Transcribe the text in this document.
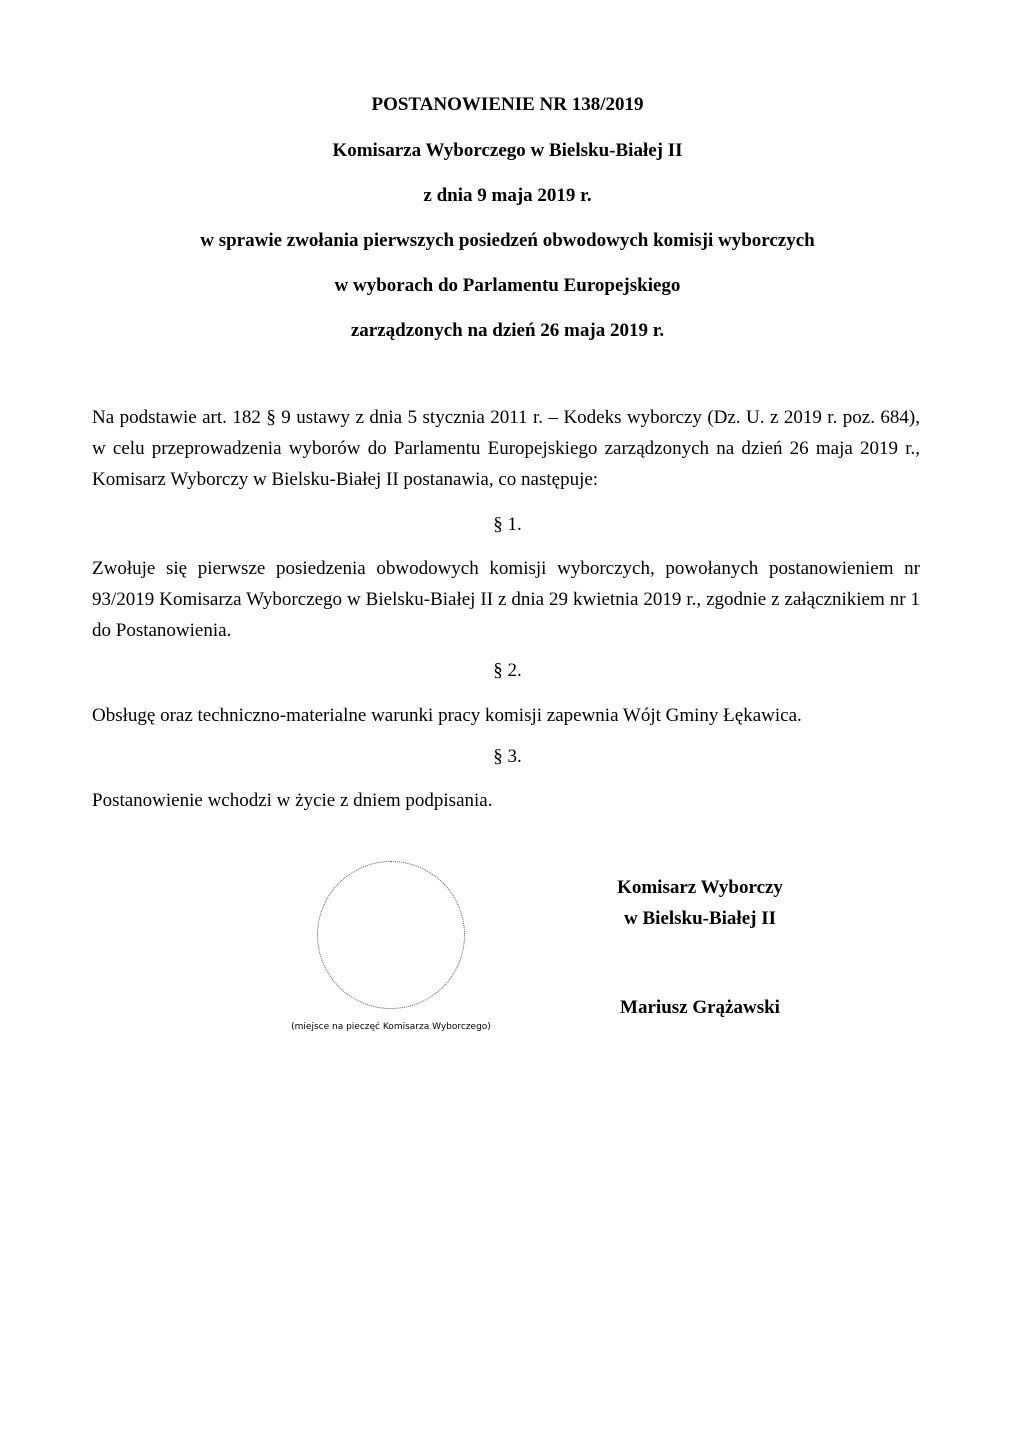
POSTANOWIENIE NR 138/2019
Komisarza Wyborczego w Bielsku-Białej II
z dnia 9 maja 2019 r.
w sprawie zwołania pierwszych posiedzeń obwodowych komisji wyborczych
w wyborach do Parlamentu Europejskiego
zarządzonych na dzień 26 maja 2019 r.
Na podstawie art. 182 § 9 ustawy z dnia 5 stycznia 2011 r. – Kodeks wyborczy (Dz. U. z 2019 r. poz. 684), w celu przeprowadzenia wyborów do Parlamentu Europejskiego zarządzonych na dzień 26 maja 2019 r., Komisarz Wyborczy w Bielsku-Białej II postanawia, co następuje:
§ 1.
Zwołuje się pierwsze posiedzenia obwodowych komisji wyborczych, powołanych postanowieniem nr 93/2019 Komisarza Wyborczego w Bielsku-Białej II z dnia 29 kwietnia 2019 r., zgodnie z załącznikiem nr 1 do Postanowienia.
§ 2.
Obsługę oraz techniczno-materialne warunki pracy komisji zapewnia Wójt Gminy Łękawica.
§ 3.
Postanowienie wchodzi w życie z dniem podpisania.
(miejsce na pieczęć Komisarza Wyborczego)
Komisarz Wyborczy
w Bielsku-Białej II
Mariusz Grążawski
